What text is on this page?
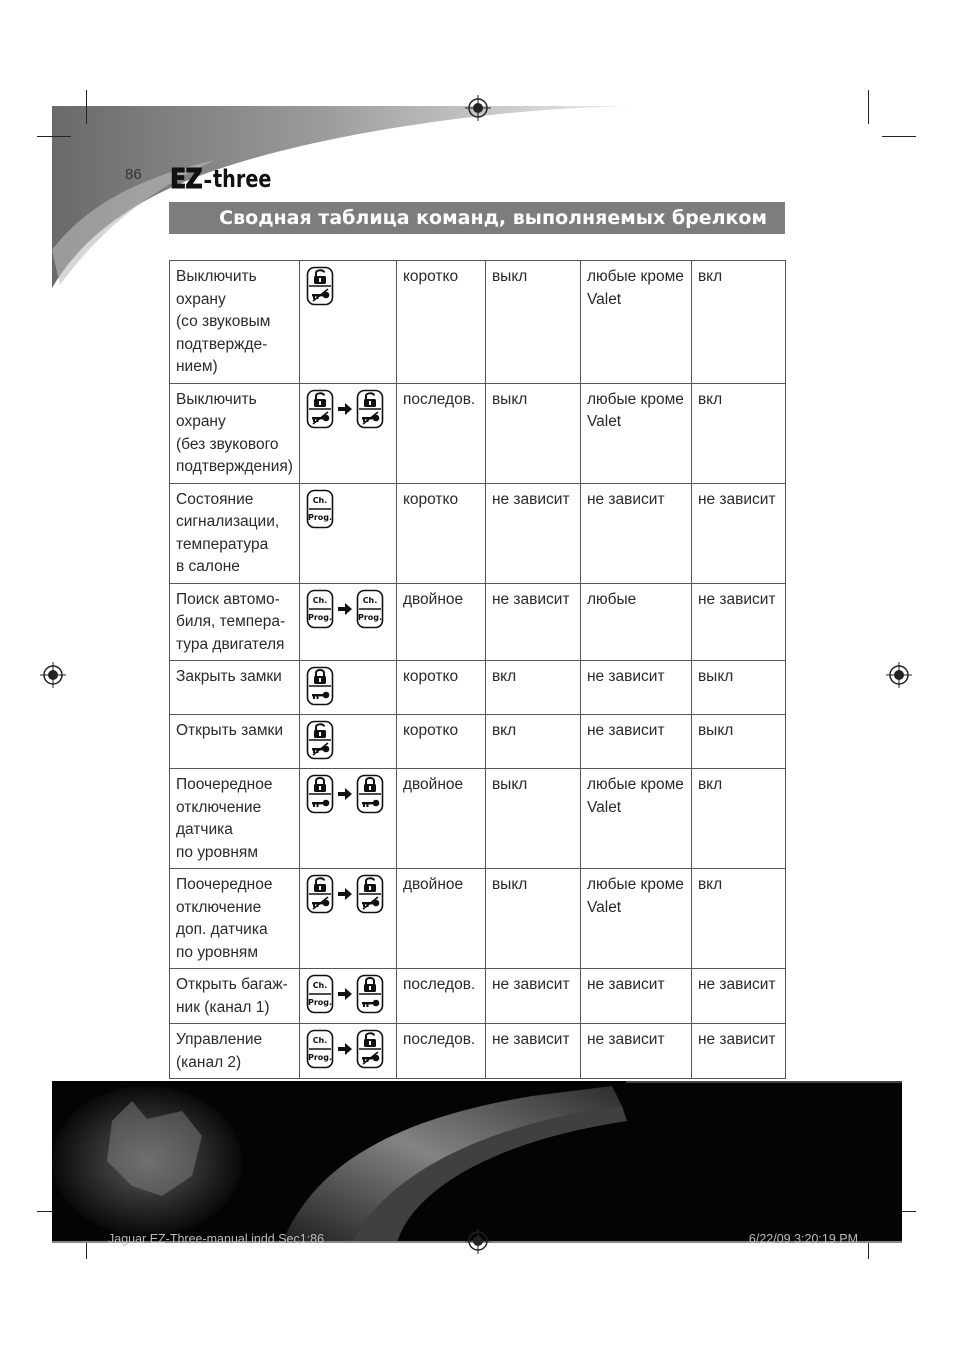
86 EZ - three
Сводная таблица команд, выполняемых брелком
Выключить
охрану
(со звуковым
подтвержде-
нием)		коротко	выкл	любые кроме
Valet	вкл
Выключить
охрану
(без звукового
подтверждения)		последов.	выкл	любые кроме
Valet	вкл
Состояние
сигнализации,
температура
в салоне	Ch.
Prog.	коротко	не зависит	не зависит	не зависит
Поиск автомо-
биля, темпера-
тура двигателя	Ch.
Prog.
Ch.
Prog.	двойное	не зависит	любые	не зависит
Закрыть замки		коротко	вкл	не зависит	выкл
Открыть замки		коротко	вкл	не зависит	выкл
Поочередное
отключение
датчика
по уровням		двойное	выкл	любые кроме
Valet	вкл
Поочередное
отключение
доп. датчика
по уровням		двойное	выкл	любые кроме
Valet	вкл
Открыть багаж-
ник (канал 1)	Ch.
Prog.	последов.	не зависит	не зависит	не зависит
Управление
(канал 2)	Ch.
Prog.	последов.	не зависит	не зависит	не зависит
Jaguar EZ-Three-manual.indd Sec1:86	6/22/09 3:20:19 PM
